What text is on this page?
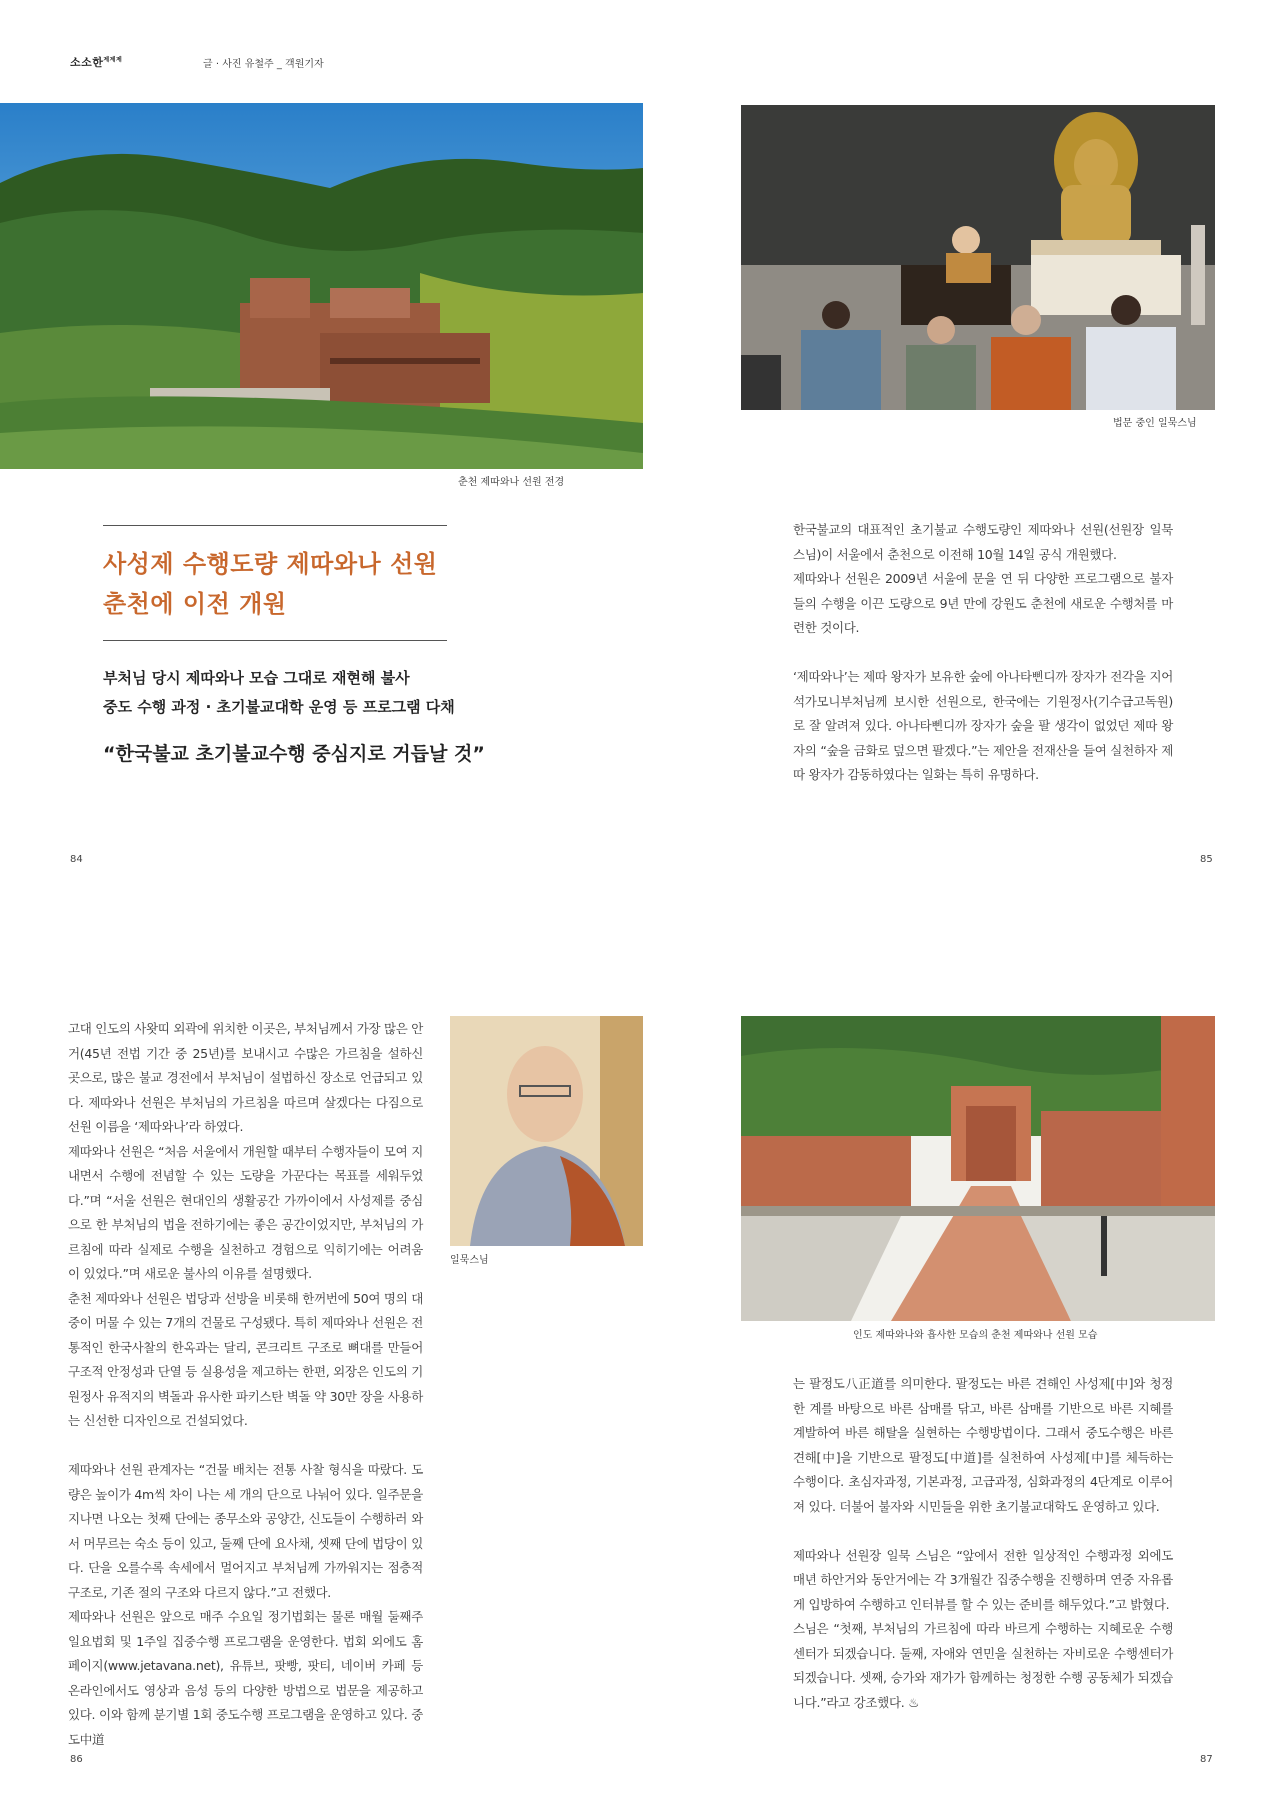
소소한$^{제제제}$	글 · 사진 유철주 _ 객원기자
춘천 제따와나 선원 전경
법문 중인 일묵스님
사성제 수행도량 제따와나 선원
춘천에 이전 개원
부처님 당시 제따와나 모습 그대로 재현해 불사
중도 수행 과정 · 초기불교대학 운영 등 프로그램 다채
“한국불교 초기불교수행 중심지로 거듭날 것”
한국불교의 대표적인 초기불교 수행도량인 제따와나 선원(선원장 일묵 스님)이 서울에서 춘천으로 이전해 10월 14일 공식 개원했다.
제따와나 선원은 2009년 서울에 문을 연 뒤 다양한 프로그램으로 불자들의 수행을 이끈 도량으로 9년 만에 강원도 춘천에 새로운 수행처를 마련한 것이다.

‘제따와나’는 제따 왕자가 보유한 숲에 아나타삔디까 장자가 전각을 지어 석가모니부처님께 보시한 선원으로, 한국에는 기원정사(기수급고독원)로 잘 알려져 있다. 아나타삔디까 장자가 숲을 팔 생각이 없었던 제따 왕자의 “숲을 금화로 덮으면 팔겠다.”는 제안을 전재산을 들여 실천하자 제따 왕자가 감동하였다는 일화는 특히 유명하다.
84	85
고대 인도의 사왓띠 외곽에 위치한 이곳은, 부처님께서 가장 많은 안거(45년 전법 기간 중 25년)를 보내시고 수많은 가르침을 설하신 곳으로, 많은 불교 경전에서 부처님이 설법하신 장소로 언급되고 있다. 제따와나 선원은 부처님의 가르침을 따르며 살겠다는 다짐으로 선원 이름을 ‘제따와나’라 하였다.
제따와나 선원은 “처음 서울에서 개원할 때부터 수행자들이 모여 지내면서 수행에 전념할 수 있는 도량을 가꾼다는 목표를 세워두었다.”며 “서울 선원은 현대인의 생활공간 가까이에서 사성제를 중심으로 한 부처님의 법을 전하기에는 좋은 공간이었지만, 부처님의 가르침에 따라 실제로 수행을 실천하고 경험으로 익히기에는 어려움이 있었다.”며 새로운 불사의 이유를 설명했다.
춘천 제따와나 선원은 법당과 선방을 비롯해 한꺼번에 50여 명의 대중이 머물 수 있는 7개의 건물로 구성됐다. 특히 제따와나 선원은 전통적인 한국사찰의 한옥과는 달리, 콘크리트 구조로 뼈대를 만들어 구조적 안정성과 단열 등 실용성을 제고하는 한편, 외장은 인도의 기원정사 유적지의 벽돌과 유사한 파키스탄 벽돌 약 30만 장을 사용하는 신선한 디자인으로 건설되었다.

제따와나 선원 관계자는 “건물 배치는 전통 사찰 형식을 따랐다. 도량은 높이가 4m씩 차이 나는 세 개의 단으로 나눠어 있다. 일주문을 지나면 나오는 첫째 단에는 종무소와 공양간, 신도들이 수행하러 와서 머무르는 숙소 등이 있고, 둘째 단에 요사채, 셋째 단에 법당이 있다. 단을 오를수록 속세에서 멀어지고 부처님께 가까워지는 점층적 구조로, 기존 절의 구조와 다르지 않다.”고 전했다.
제따와나 선원은 앞으로 매주 수요일 정기법회는 물론 매월 둘째주 일요법회 및 1주일 집중수행 프로그램을 운영한다. 법회 외에도 홈페이지(www.jetavana.net), 유튜브, 팟빵, 팟티, 네이버 카페 등 온라인에서도 영상과 음성 등의 다양한 방법으로 법문을 제공하고 있다. 이와 함께 분기별 1회 중도수행 프로그램을 운영하고 있다. 중도中道
일묵스님
인도 제따와나와 흡사한 모습의 춘천 제따와나 선원 모습
는 팔정도八正道를 의미한다. 팔정도는 바른 견해인 사성제[中]와 청정한 계를 바탕으로 바른 삼매를 닦고, 바른 삼매를 기반으로 바른 지혜를 계발하여 바른 해탈을 실현하는 수행방법이다. 그래서 중도수행은 바른 견해[中]을 기반으로 팔정도[中道]를 실천하여 사성제[中]를 체득하는 수행이다. 초심자과정, 기본과정, 고급과정, 심화과정의 4단계로 이루어져 있다. 더불어 불자와 시민들을 위한 초기불교대학도 운영하고 있다.

제따와나 선원장 일묵 스님은 “앞에서 전한 일상적인 수행과정 외에도 매년 하안거와 동안거에는 각 3개월간 집중수행을 진행하며 연중 자유롭게 입방하여 수행하고 인터뷰를 할 수 있는 준비를 해두었다.”고 밝혔다.
스님은 “첫째, 부처님의 가르침에 따라 바르게 수행하는 지혜로운 수행센터가 되겠습니다. 둘째, 자애와 연민을 실천하는 자비로운 수행센터가 되겠습니다. 셋째, 승가와 재가가 함께하는 청정한 수행 공동체가 되겠습니다.”라고 강조했다. ♨
86	87
